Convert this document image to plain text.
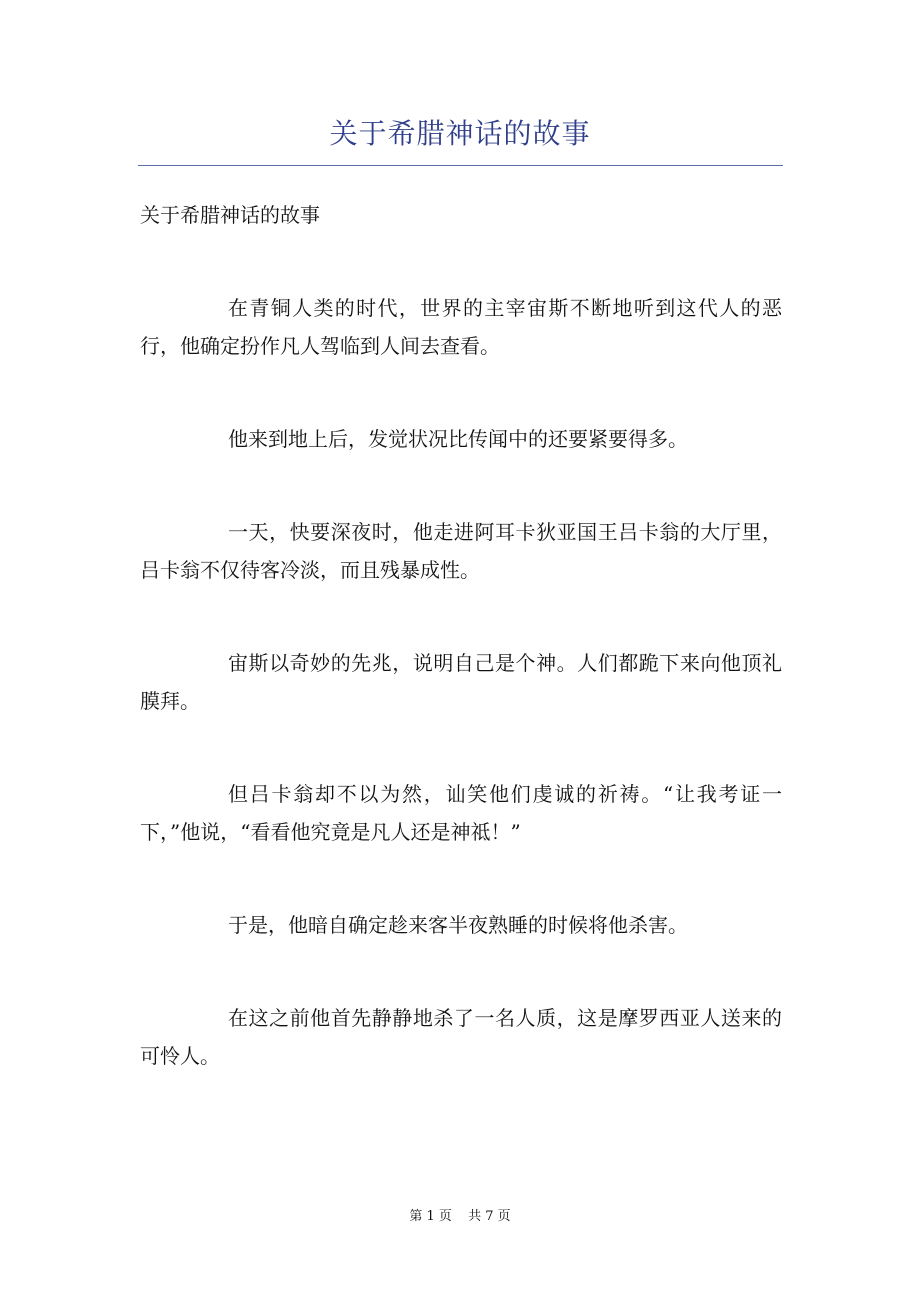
关于希腊神话的故事

关于希腊神话的故事

在青铜人类的时代，世界的主宰宙斯不断地听到这代人的恶行，他确定扮作凡人驾临到人间去查看。

他来到地上后，发觉状况比传闻中的还要紧要得多。

一天，快要深夜时，他走进阿耳卡狄亚国王吕卡翁的大厅里，吕卡翁不仅待客冷淡，而且残暴成性。

宙斯以奇妙的先兆，说明自己是个神。人们都跪下来向他顶礼膜拜。

但吕卡翁却不以为然，讪笑他们虔诚的祈祷。“让我考证一下，”他说，“看看他究竟是凡人还是神祗！”

于是，他暗自确定趁来客半夜熟睡的时候将他杀害。

在这之前他首先静静地杀了一名人质，这是摩罗西亚人送来的可怜人。

第 1 页 共 7 页
